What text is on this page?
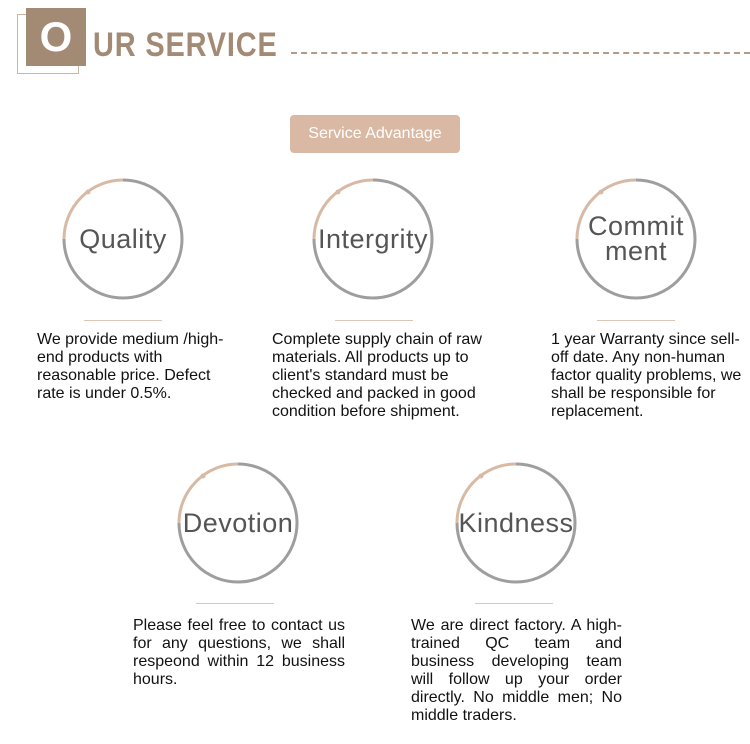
O UR SERVICE
Service Advantage
Quality
We provide medium /high-end products with reasonable price. Defect rate is under 0.5%.
Intergrity
Complete supply chain of raw materials. All products up to client's standard must be checked and packed in good condition before shipment.
Commit
ment
1 year Warranty since sell-off date. Any non-human factor quality problems, we shall be responsible for replacement.
Devotion
Please feel free to contact us for any questions, we shall respeond within 12 business hours.
Kindness
We are direct factory. A high-trained QC team and business developing team will follow up your order directly. No middle men; No middle traders.
